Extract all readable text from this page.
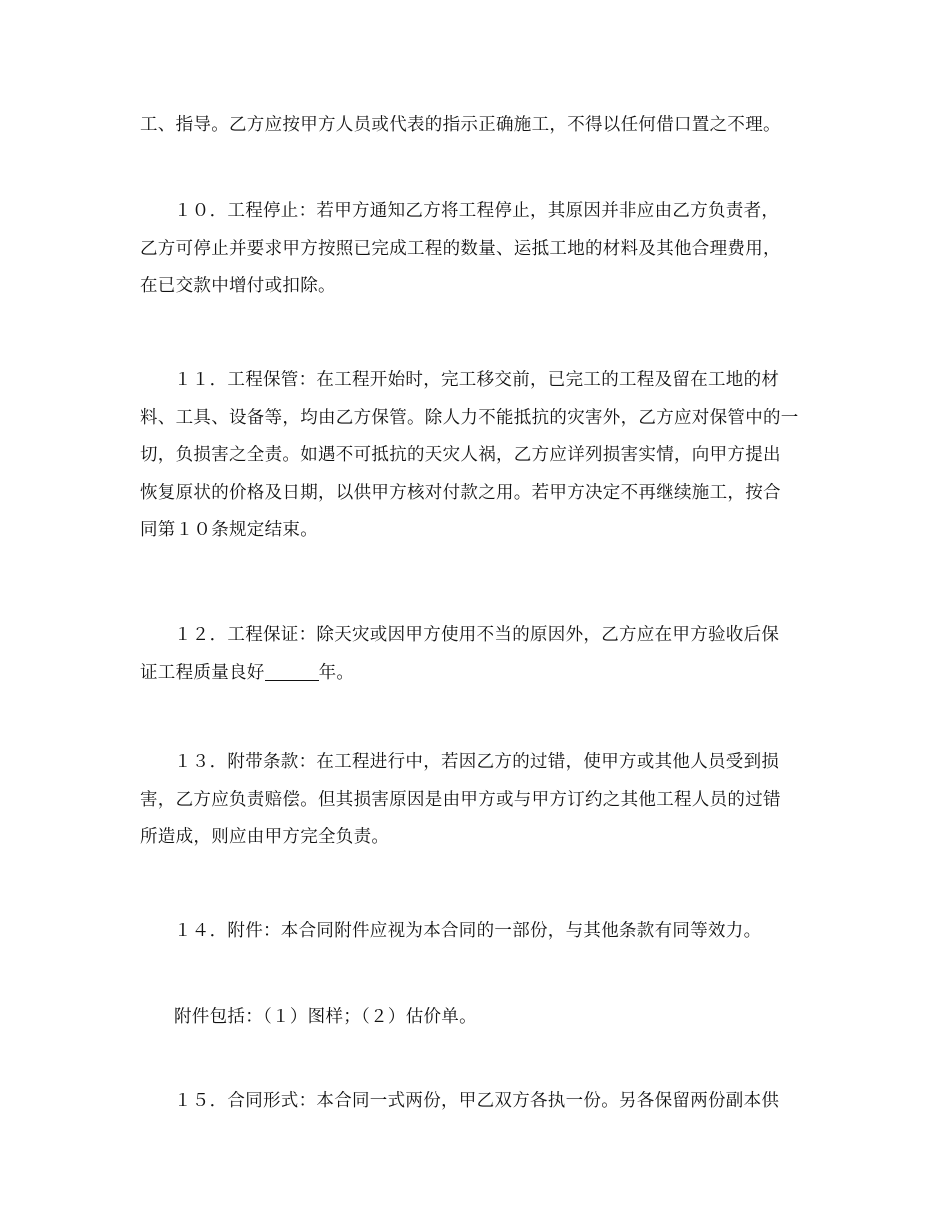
工、指导。乙方应按甲方人员或代表的指示正确施工，不得以任何借口置之不理。

１０．工程停止：若甲方通知乙方将工程停止，其原因并非应由乙方负责者，
乙方可停止并要求甲方按照已完成工程的数量、运抵工地的材料及其他合理费用，
在已交款中增付或扣除。

１１．工程保管：在工程开始时，完工移交前，已完工的工程及留在工地的材
料、工具、设备等，均由乙方保管。除人力不能抵抗的灾害外，乙方应对保管中的一
切，负损害之全责。如遇不可抵抗的天灾人祸，乙方应详列损害实情，向甲方提出
恢复原状的价格及日期，以供甲方核对付款之用。若甲方决定不再继续施工，按合
同第１０条规定结束。

１２．工程保证：除天灾或因甲方使用不当的原因外，乙方应在甲方验收后保
证工程质量良好	年。

１３．附带条款：在工程进行中，若因乙方的过错，使甲方或其他人员受到损
害，乙方应负责赔偿。但其损害原因是由甲方或与甲方订约之其他工程人员的过错
所造成，则应由甲方完全负责。

１４．附件：本合同附件应视为本合同的一部份，与其他条款有同等效力。

附件包括：（１）图样；（２）估价单。

１５．合同形式：本合同一式两份，甲乙双方各执一份。另各保留两份副本供
